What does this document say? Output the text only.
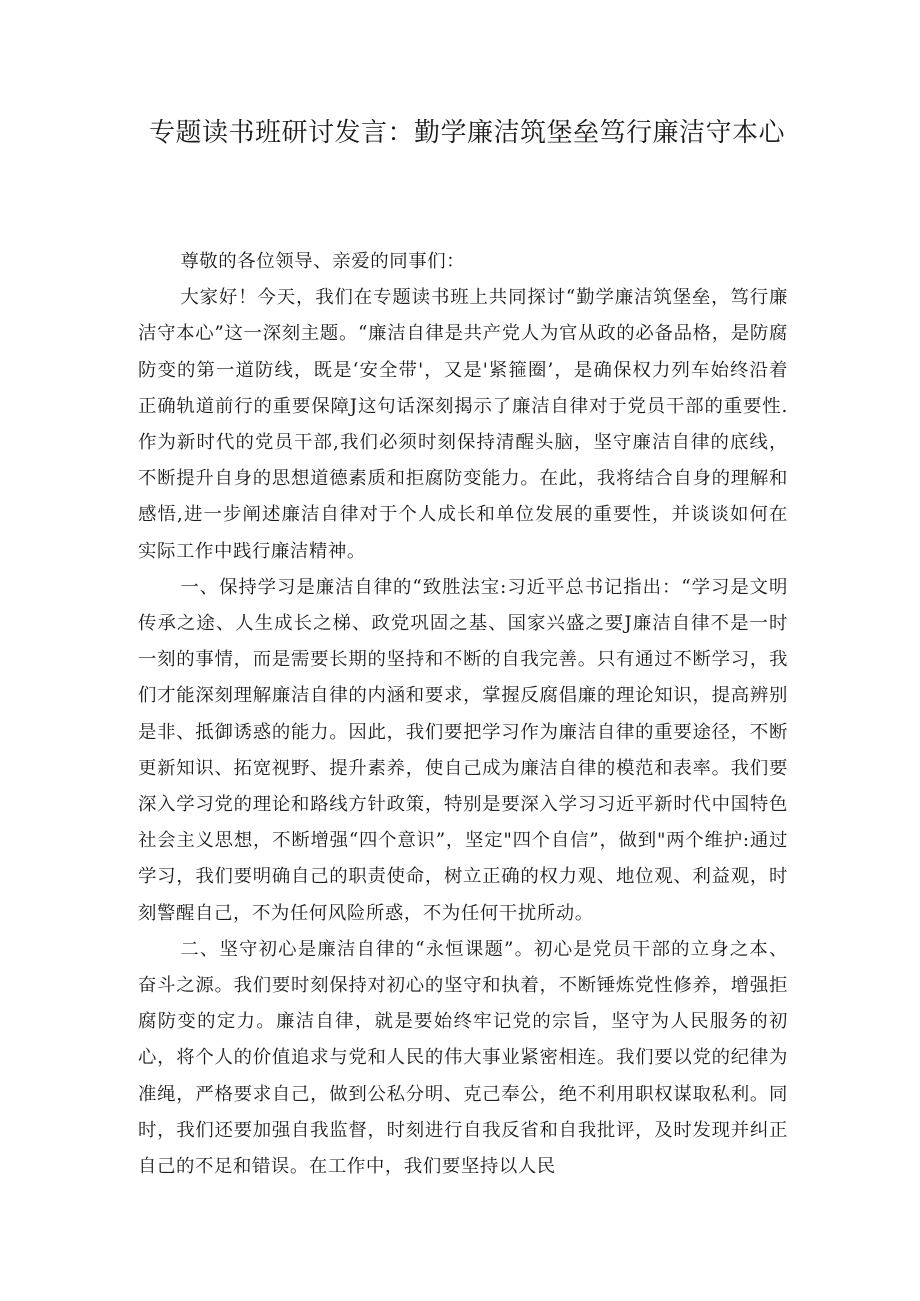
专题读书班研讨发言：勤学廉洁筑堡垒笃行廉洁守本心

尊敬的各位领导、亲爱的同事们：

大家好！今天，我们在专题读书班上共同探讨“勤学廉洁筑堡垒，笃行廉洁守本心”这一深刻主题。“廉洁自律是共产党人为官从政的必备品格，是防腐防变的第一道防线，既是‘安全带'，又是'紧箍圈’，是确保权力列车始终沿着正确轨道前行的重要保障J这句话深刻揭示了廉洁自律对于党员干部的重要性.作为新时代的党员干部,我们必须时刻保持清醒头脑，坚守廉洁自律的底线，不断提升自身的思想道德素质和拒腐防变能力。在此，我将结合自身的理解和感悟,进一步阐述廉洁自律对于个人成长和单位发展的重要性，并谈谈如何在实际工作中践行廉洁精神。

一、保持学习是廉洁自律的“致胜法宝:习近平总书记指出：“学习是文明传承之途、人生成长之梯、政党巩固之基、国家兴盛之要J廉洁自律不是一时一刻的事情，而是需要长期的坚持和不断的自我完善。只有通过不断学习，我们才能深刻理解廉洁自律的内涵和要求，掌握反腐倡廉的理论知识，提高辨别是非、抵御诱惑的能力。因此，我们要把学习作为廉洁自律的重要途径，不断更新知识、拓宽视野、提升素养，使自己成为廉洁自律的模范和表率。我们要深入学习党的理论和路线方针政策，特别是要深入学习习近平新时代中国特色社会主义思想，不断增强“四个意识”，坚定"四个自信”，做到"两个维护:通过学习，我们要明确自己的职责使命，树立正确的权力观、地位观、利益观，时刻警醒自己，不为任何风险所惑，不为任何干扰所动。

二、坚守初心是廉洁自律的“永恒课题”。初心是党员干部的立身之本、奋斗之源。我们要时刻保持对初心的坚守和执着，不断锤炼党性修养，增强拒腐防变的定力。廉洁自律，就是要始终牢记党的宗旨，坚守为人民服务的初心，将个人的价值追求与党和人民的伟大事业紧密相连。我们要以党的纪律为准绳，严格要求自己，做到公私分明、克己奉公，绝不利用职权谋取私利。同时，我们还要加强自我监督，时刻进行自我反省和自我批评，及时发现并纠正自己的不足和错误。在工作中，我们要坚持以人民
